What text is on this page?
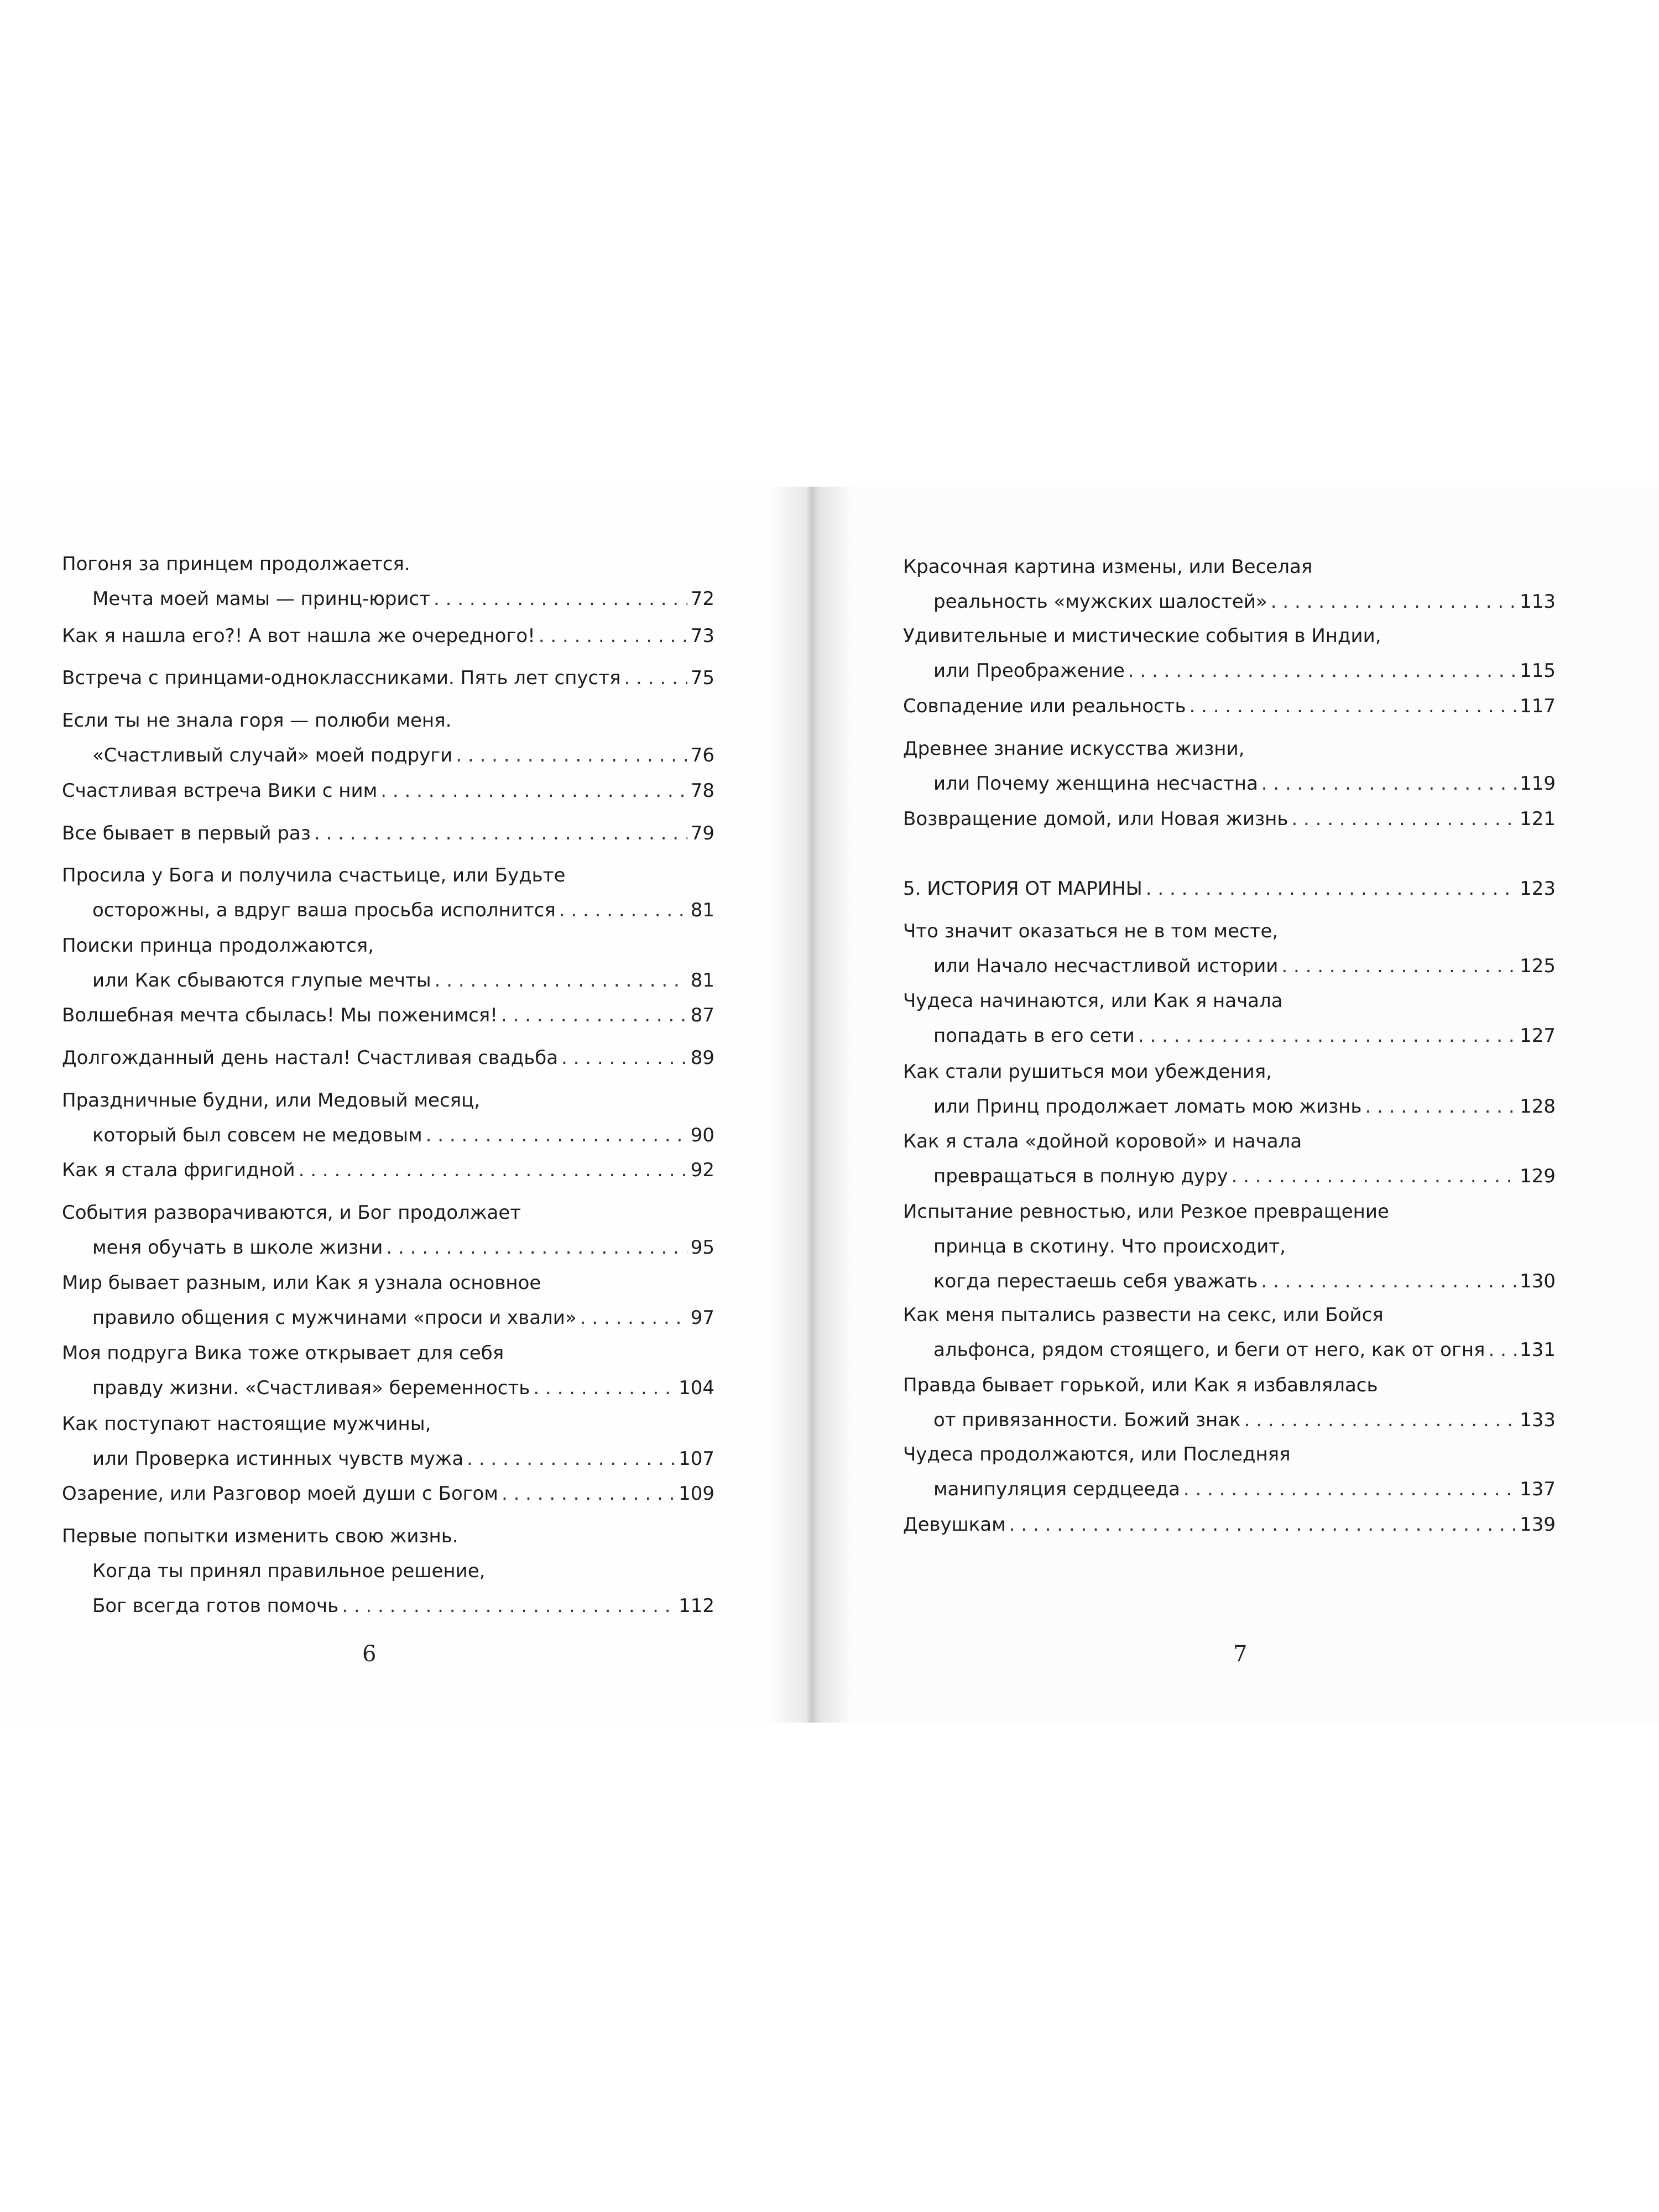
Погоня за принцем продолжается.
Мечта моей мамы — принц-юрист . . .	72
Как я нашла его?! А вот нашла же очередного! . . .	73
Встреча с принцами-одноклассниками. Пять лет спустя . . .	75
Если ты не знала горя — полюби меня.
«Счастливый случай» моей подруги . . .	76
Счастливая встреча Вики с ним . . .	78
Все бывает в первый раз . . .	79
Просила у Бога и получила счастьице, или Будьте
осторожны, а вдруг ваша просьба исполнится . . .	81
Поиски принца продолжаются,
или Как сбываются глупые мечты . . .	81
Волшебная мечта сбылась! Мы поженимся! . . .	87
Долгожданный день настал! Счастливая свадьба . . .	89
Праздничные будни, или Медовый месяц,
который был совсем не медовым . . .	90
Как я стала фригидной . . .	92
События разворачиваются, и Бог продолжает
меня обучать в школе жизни . . .	95
Мир бывает разным, или Как я узнала основное
правило общения с мужчинами «проси и хвали» . . .	97
Моя подруга Вика тоже открывает для себя
правду жизни. «Счастливая» беременность . . .	104
Как поступают настоящие мужчины,
или Проверка истинных чувств мужа . . .	107
Озарение, или Разговор моей души с Богом . . .	109
Первые попытки изменить свою жизнь.
Когда ты принял правильное решение,
Бог всегда готов помочь . . .	112
6
Красочная картина измены, или Веселая
реальность «мужских шалостей» . . .	113
Удивительные и мистические события в Индии,
или Преображение . . .	115
Совпадение или реальность . . .	117
Древнее знание искусства жизни,
или Почему женщина несчастна . . .	119
Возвращение домой, или Новая жизнь . . .	121
5. ИСТОРИЯ ОТ МАРИНЫ . . .	123
Что значит оказаться не в том месте,
или Начало несчастливой истории . . .	125
Чудеса начинаются, или Как я начала
попадать в его сети . . .	127
Как стали рушиться мои убеждения,
или Принц продолжает ломать мою жизнь . . .	128
Как я стала «дойной коровой» и начала
превращаться в полную дуру . . .	129
Испытание ревностью, или Резкое превращение
принца в скотину. Что происходит,
когда перестаешь себя уважать . . .	130
Как меня пытались развести на секс, или Бойся
альфонса, рядом стоящего, и беги от него, как от огня . . . 131
Правда бывает горькой, или Как я избавлялась
от привязанности. Божий знак . . .	133
Чудеса продолжаются, или Последняя
манипуляция сердцееда . . .	137
Девушкам . . .	139
7
